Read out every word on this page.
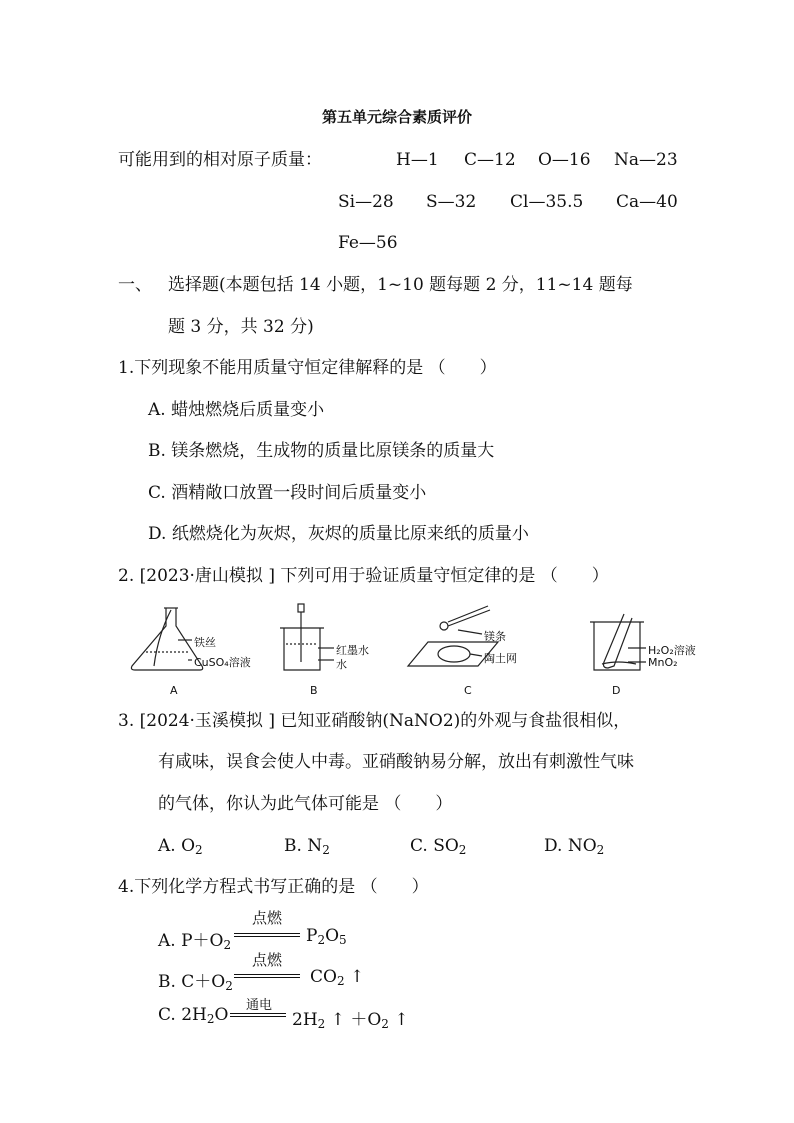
第五单元综合素质评价
可能用到的相对原子质量：	H—1 C—12 O—16 Na—23
Si—28 S—32 Cl—35.5 Ca—40
Fe—56
一、 选择题(本题包括 14 小题，1~10 题每题 2 分，11~14 题每
题 3 分，共 32 分)
1.下列现象不能用质量守恒定律解释的是 （　　）
A. 蜡烛燃烧后质量变小
B. 镁条燃烧，生成物的质量比原镁条的质量大
C. 酒精敞口放置一段时间后质量变小
D. 纸燃烧化为灰烬，灰烬的质量比原来纸的质量小
2. [2023·唐山模拟 ] 下列可用于验证质量守恒定律的是 （　　）
铁丝
CuSO₄溶液
A
红墨水
水
B
镁条
陶土网
C
H₂O₂溶液
MnO₂
D
3. [2024·玉溪模拟 ] 已知亚硝酸钠(NaNO2)的外观与食盐很相似，
有咸味，误食会使人中毒。亚硝酸钠易分解，放出有刺激性气味
的气体，你认为此气体可能是 （　　）
A. $O_2$	B. $N_2$	C. $SO_2$	D. $NO_2$
4.下列化学方程式书写正确的是 （　　）
A. $P+O_2$
点燃
$P_2O_5$
B. $C+O_2$
点燃
$CO_2$ ↑
C. $2H_2O$	通电
$2H_2$ ↑ $+O_2$ ↑
